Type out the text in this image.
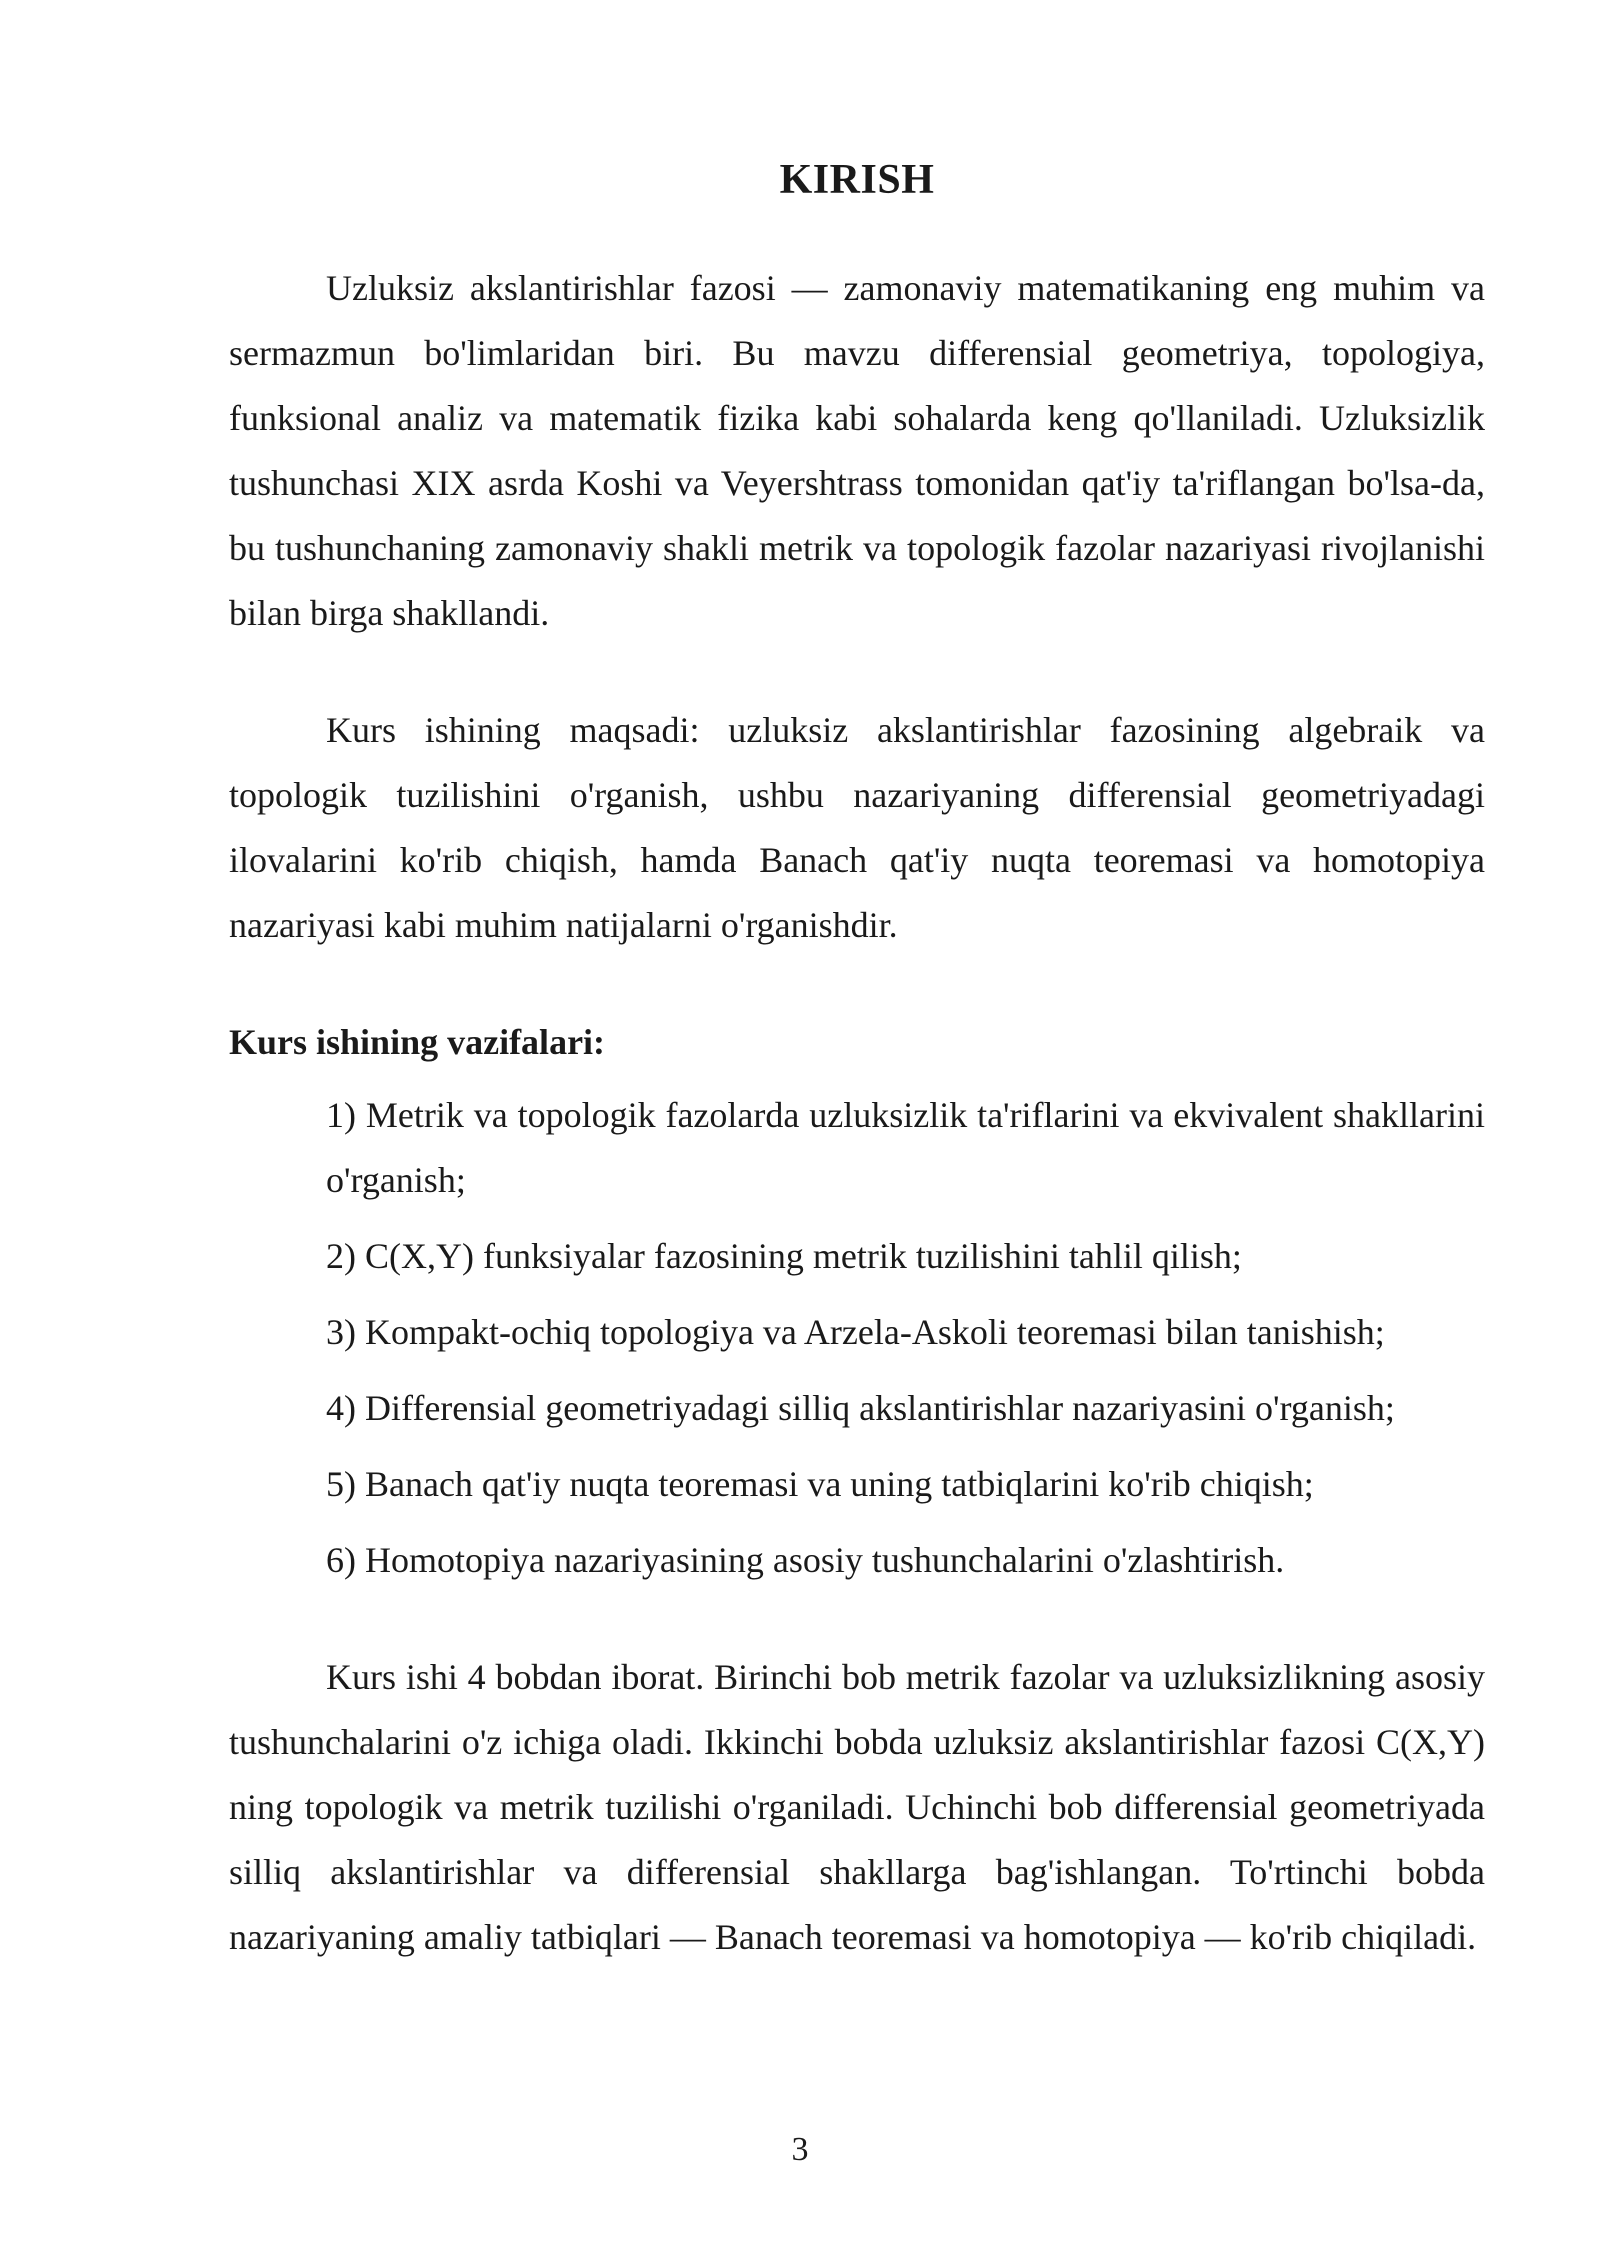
KIRISH

Uzluksiz akslantirishlar fazosi — zamonaviy matematikaning eng muhim va sermazmun bo'limlaridan biri. Bu mavzu differensial geometriya, topologiya, funksional analiz va matematik fizika kabi sohalarda keng qo'llaniladi. Uzluksizlik tushunchasi XIX asrda Koshi va Veyershtrass tomonidan qat'iy ta'riflangan bo'lsa-da, bu tushunchaning zamonaviy shakli metrik va topologik fazolar nazariyasi rivojlanishi bilan birga shakllandi.

Kurs ishining maqsadi: uzluksiz akslantirishlar fazosining algebraik va topologik tuzilishini o'rganish, ushbu nazariyaning differensial geometriyadagi ilovalarini ko'rib chiqish, hamda Banach qat'iy nuqta teoremasi va homotopiya nazariyasi kabi muhim natijalarni o'rganishdir.

Kurs ishining vazifalari:
1) Metrik va topologik fazolarda uzluksizlik ta'riflarini va ekvivalent shakllarini o'rganish;
2) C(X,Y) funksiyalar fazosining metrik tuzilishini tahlil qilish;
3) Kompakt-ochiq topologiya va Arzela-Askoli teoremasi bilan tanishish;
4) Differensial geometriyadagi silliq akslantirishlar nazariyasini o'rganish;
5) Banach qat'iy nuqta teoremasi va uning tatbiqlarini ko'rib chiqish;
6) Homotopiya nazariyasining asosiy tushunchalarini o'zlashtirish.

Kurs ishi 4 bobdan iborat. Birinchi bob metrik fazolar va uzluksizlikning asosiy tushunchalarini o'z ichiga oladi. Ikkinchi bobda uzluksiz akslantirishlar fazosi C(X,Y) ning topologik va metrik tuzilishi o'rganiladi. Uchinchi bob differensial geometriyada silliq akslantirishlar va differensial shakllarga bag'ishlangan. To'rtinchi bobda nazariyaning amaliy tatbiqlari — Banach teoremasi va homotopiya — ko'rib chiqiladi.

3
